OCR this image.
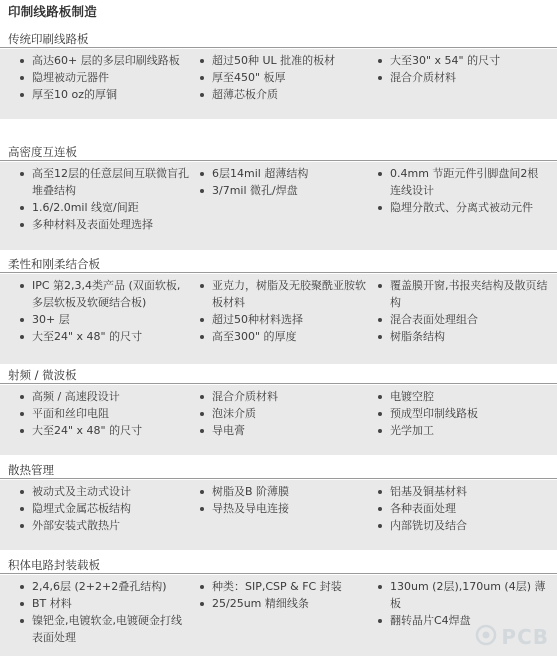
印制线路板制造
传统印刷线路板
高达60+ 层的多层印刷线路板
隐埋被动元器件
厚至10 oz的厚铜
超过50种 UL 批准的板材
厚至450" 板厚
超薄芯板介质
大至30" x 54" 的尺寸
混合介质材料
高密度互连板
高至12层的任意层间互联微盲孔堆叠结构
1.6/2.0mil 线宽/间距
多种材料及表面处理选择
6层14mil 超薄结构
3/7mil 微孔/焊盘
0.4mm 节距元件引脚盘间2根连线设计
隐埋分散式、分离式被动元件
柔性和刚柔结合板
IPC 第2,3,4类产品 (双面软板,多层软板及软硬结合板)
30+ 层
大至24" x 48" 的尺寸
亚克力，树脂及无胶聚酰亚胺软板材料
超过50种材料选择
高至300" 的厚度
覆盖膜开窗,书报夹结构及散页结构
混合表面处理组合
树脂条结构
射频 / 微波板
高频 / 高速段设计
平面和丝印电阻
大至24" x 48" 的尺寸
混合介质材料
泡沫介质
导电膏
电镀空腔
预成型印制线路板
光学加工
散热管理
被动式及主动式设计
隐埋式金属芯板结构
外部安装式散热片
树脂及B 阶薄膜
导热及导电连接
铝基及铜基材料
各种表面处理
内部铣切及结合
积体电路封装载板
2,4,6层 (2+2+2叠孔结构)
BT 材料
镍钯金,电镀软金,电镀硬金打线表面处理
种类：SIP,CSP & FC 封装
25/25um 精细线条
130um (2层),170um (4层) 薄板
翻转晶片C4焊盘
PCB
